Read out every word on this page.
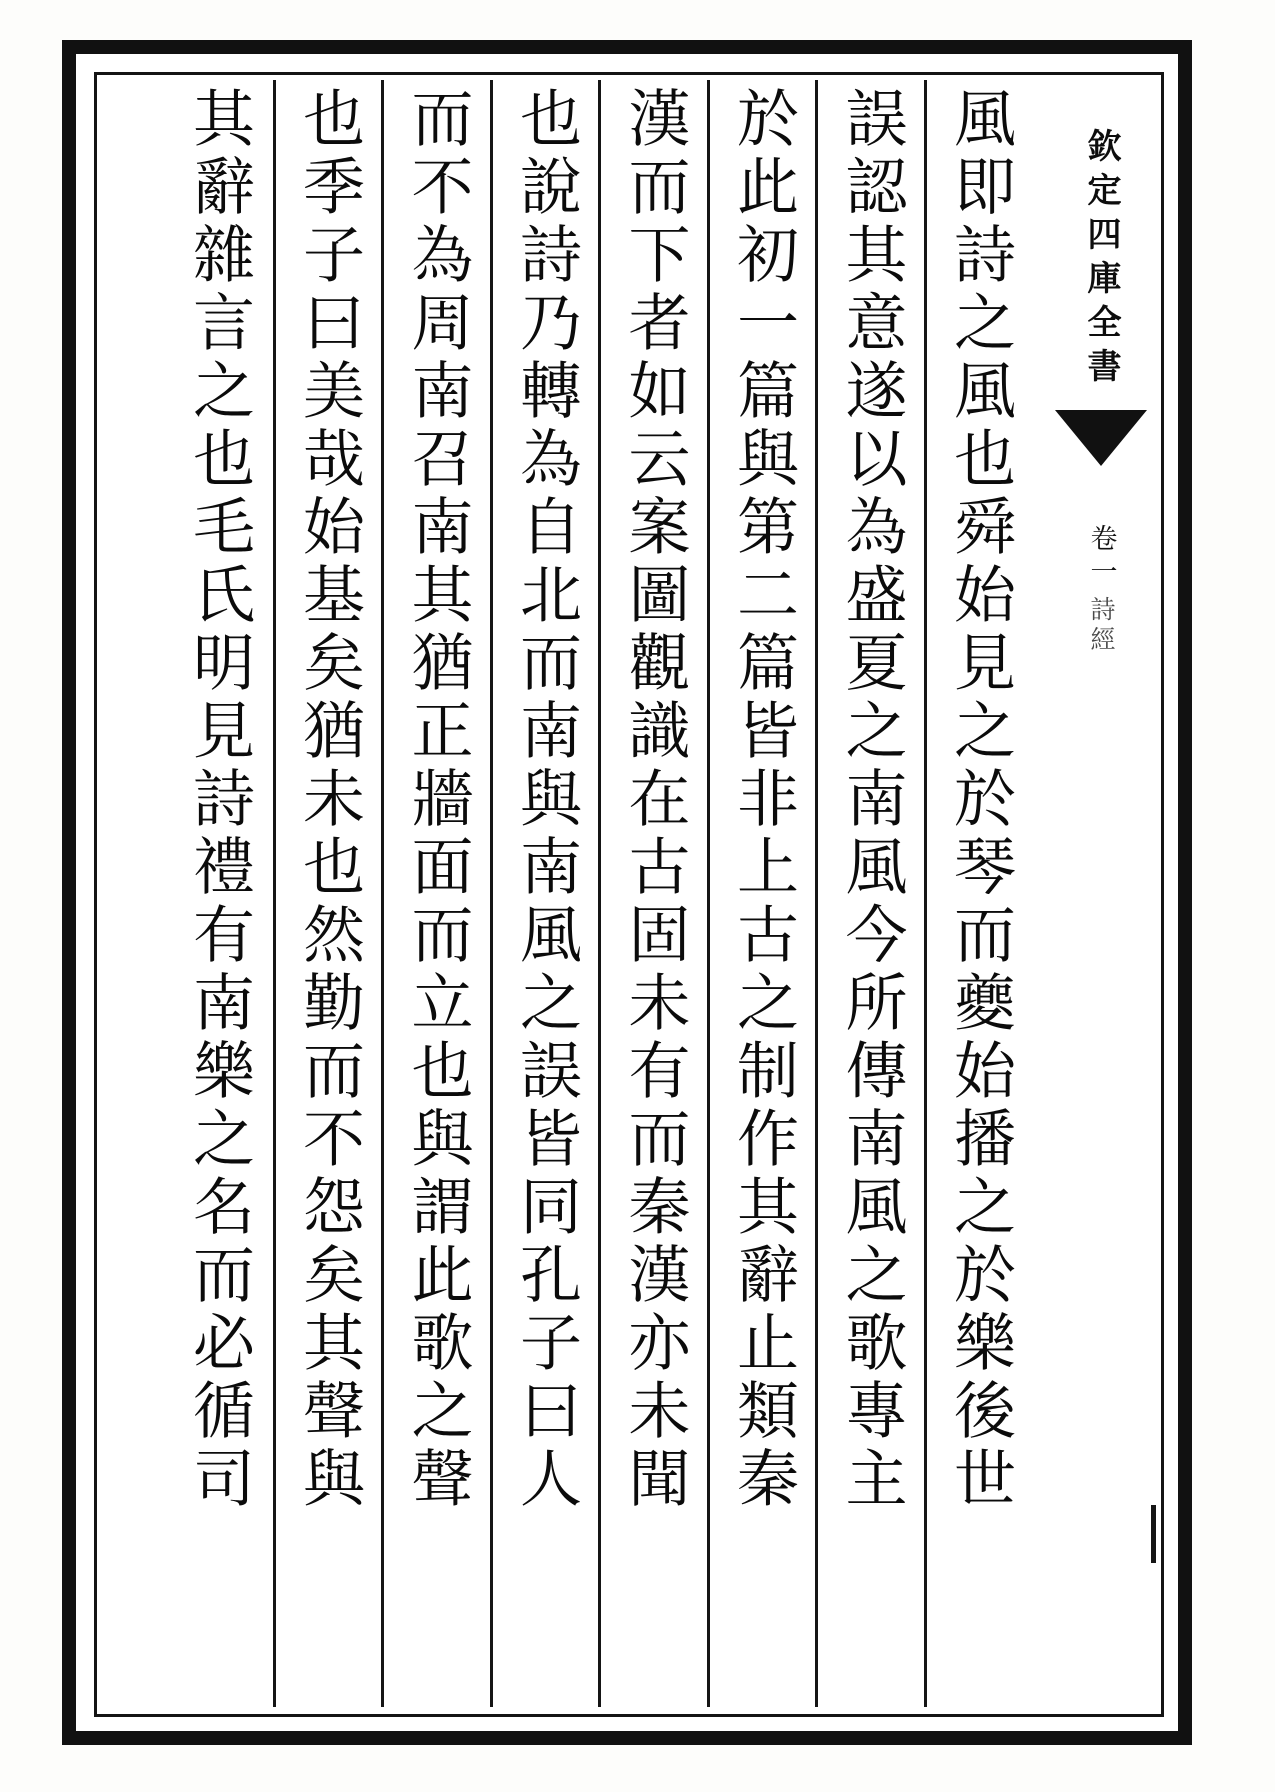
風即詩之風也舜始見之於琴而夔始播之於樂後世
誤認其意遂以為盛夏之南風今所傳南風之歌專主
於此初一篇與第二篇皆非上古之制作其辭止類秦
漢而下者如云案圖觀識在古固未有而秦漢亦未聞
也說詩乃轉為自北而南與南風之誤皆同孔子曰人
而不為周南召南其猶正牆面而立也與謂此歌之聲
也季子曰美哉始基矣猶未也然勤而不怨矣其聲與
其辭雜言之也毛氏明見詩禮有南樂之名而必循司	欽定四庫全書
卷一
詩經
